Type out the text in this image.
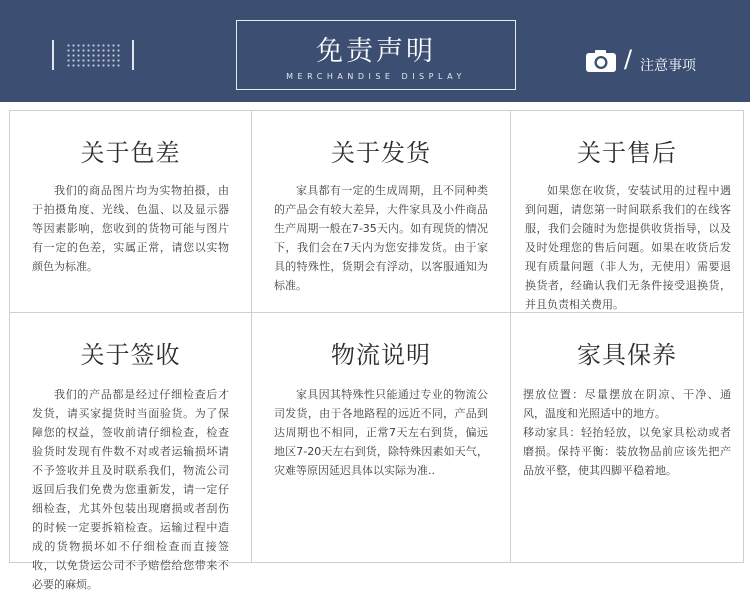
免责声明
MERCHANDISE DISPLAY
/ 注意事项
关于色差
我们的商品图片均为实物拍摄，由于拍摄角度、光线、色温、以及显示器等因素影响，您收到的货物可能与图片有一定的色差，实属正常，请您以实物颜色为标准。
关于发货
家具都有一定的生成周期，且不同种类的产品会有较大差异，大件家具及小件商品生产周期一般在7-35天内。如有现货的情况下，我们会在7天内为您安排发货。由于家具的特殊性，货期会有浮动，以客服通知为标准。
关于售后
如果您在收货，安装试用的过程中遇到问题，请您第一时间联系我们的在线客服，我们会随时为您提供收货指导，以及及时处理您的售后问题。如果在收货后发现有质量问题（非人为，无使用）需要退换货者，经确认我们无条件接受退换货，并且负责相关费用。
关于签收
我们的产品都是经过仔细检查后才发货，请买家提货时当面验货。为了保障您的权益，签收前请仔细检查，检查验货时发现有件数不对或者运输损坏请不予签收并且及时联系我们，物流公司返回后我们免费为您重新发，请一定仔细检查，尤其外包装出现磨损或者刮伤的时候一定要拆箱检查。运输过程中造成的货物损坏如不仔细检查而直接签收，以免货运公司不予赔偿给您带来不必要的麻烦。
物流说明
家具因其特殊性只能通过专业的物流公司发货，由于各地路程的远近不同，产品到达周期也不相同，正常7天左右到货，偏远地区7-20天左右到货，除特殊因素如天气，灾难等原因延迟具体以实际为准..
家具保养

摆放位置：尽量摆放在阴凉、干净、通风，温度和光照适中的地方。

移动家具：轻抬轻放，以免家具松动或者磨损。保持平衡：装放物品前应该先把产品放平整，使其四脚平稳着地。
